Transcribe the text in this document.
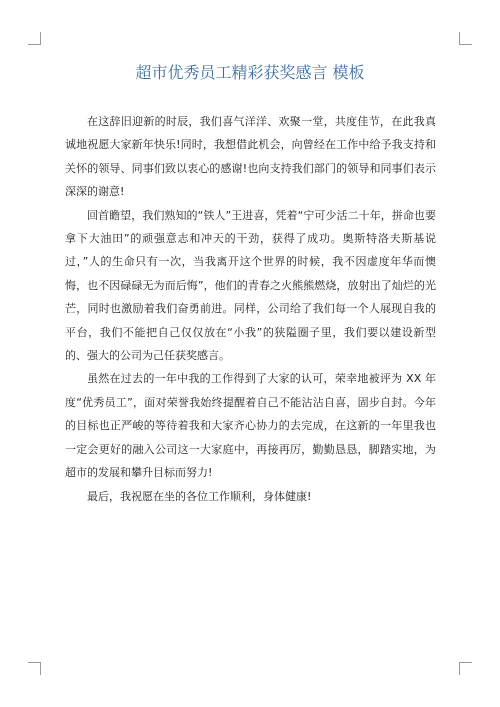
超市优秀员工精彩获奖感言 模板

在这辞旧迎新的时辰，我们喜气洋洋、欢聚一堂，共度佳节，在此我真诚地祝愿大家新年快乐!同时，我想借此机会，向曾经在工作中给予我支持和关怀的领导、同事们致以衷心的感谢!也向支持我们部门的领导和同事们表示深深的谢意!

回首瞻望，我们熟知的“铁人”王进喜，凭着“宁可少活二十年，拼命也要拿下大油田”的顽强意志和冲天的干劲，获得了成功。奥斯特洛夫斯基说过，”人的生命只有一次，当我离开这个世界的时候，我不因虚度年华而懊悔，也不因碌碌无为而后悔”，他们的青春之火熊熊燃烧，放射出了灿烂的光芒，同时也激励着我们奋勇前进。同样，公司给了我们每一个人展现自我的平台，我们不能把自己仅仅放在“小我”的狭隘圈子里，我们要以建设新型的、强大的公司为己任获奖感言。

虽然在过去的一年中我的工作得到了大家的认可，荣幸地被评为 XX 年度“优秀员工”，面对荣誉我始终提醒着自己不能沾沾自喜，固步自封。今年的目标也正严峻的等待着我和大家齐心协力的去完成，在这新的一年里我也一定会更好的融入公司这一大家庭中，再接再厉，勤勤恳恳，脚踏实地，为超市的发展和攀升目标而努力!

最后，我祝愿在坐的各位工作顺利，身体健康!
